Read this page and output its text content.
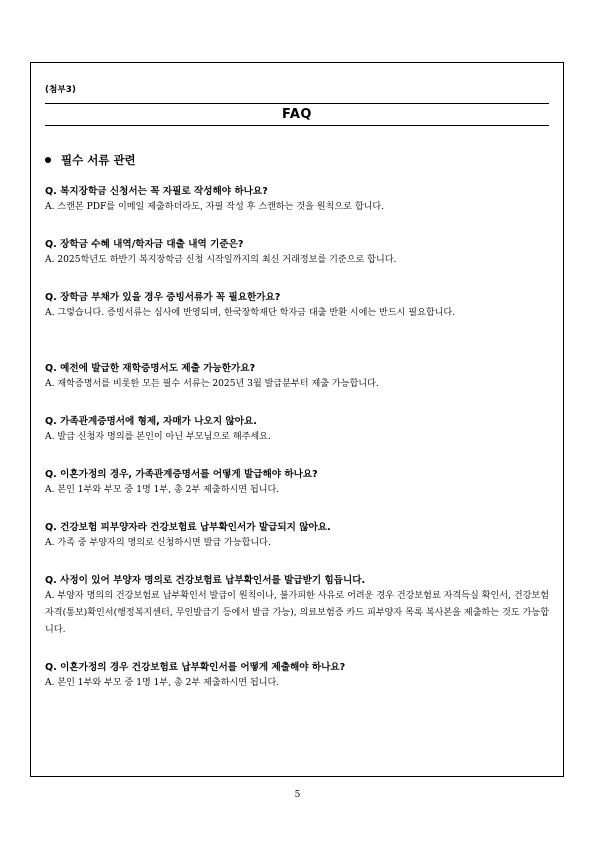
(첨부3)
FAQ
필수 서류 관련
Q. 복지장학금 신청서는 꼭 자필로 작성해야 하나요?
A. 스캔본 PDF를 이메일 제출하더라도, 자필 작성 후 스캔하는 것을 원칙으로 합니다.
Q. 장학금 수혜 내역/학자금 대출 내역 기준은?
A. 2025학년도 하반기 복지장학금 신청 시작일까지의 최신 거래정보를 기준으로 합니다.
Q. 장학금 부채가 있을 경우 증빙서류가 꼭 필요한가요?
A. 그렇습니다. 증빙서류는 심사에 반영되며, 한국장학재단 학자금 대출 반환 시에는 반드시 필요합니다.
Q. 예전에 발급한 재학증명서도 제출 가능한가요?
A. 재학증명서를 비롯한 모든 필수 서류는 2025년 3월 발급분부터 제출 가능합니다.
Q. 가족관계증명서에 형제, 자매가 나오지 않아요.
A. 발급 신청자 명의를 본인이 아닌 부모님으로 해주세요.
Q. 이혼가정의 경우, 가족관계증명서를 어떻게 발급해야 하나요?
A. 본인 1부와 부모 중 1명 1부, 총 2부 제출하시면 됩니다.
Q. 건강보험 피부양자라 건강보험료 납부확인서가 발급되지 않아요.
A. 가족 중 부양자의 명의로 신청하시면 발급 가능합니다.
Q. 사정이 있어 부양자 명의로 건강보험료 납부확인서를 발급받기 힘듭니다.
A. 부양자 명의의 건강보험료 납부확인서 발급이 원칙이나, 불가피한 사유로 어려운 경우 건강보험료 자격득실 확인서, 건강보험자격(통보)확인서(행정복지센터, 무인발급기 등에서 발급 가능), 의료보험증 카드 피부양자 목록 복사본을 제출하는 것도 가능합니다.
Q. 이혼가정의 경우 건강보험료 납부확인서를 어떻게 제출해야 하나요?
A. 본인 1부와 부모 중 1명 1부, 총 2부 제출하시면 됩니다.
5
